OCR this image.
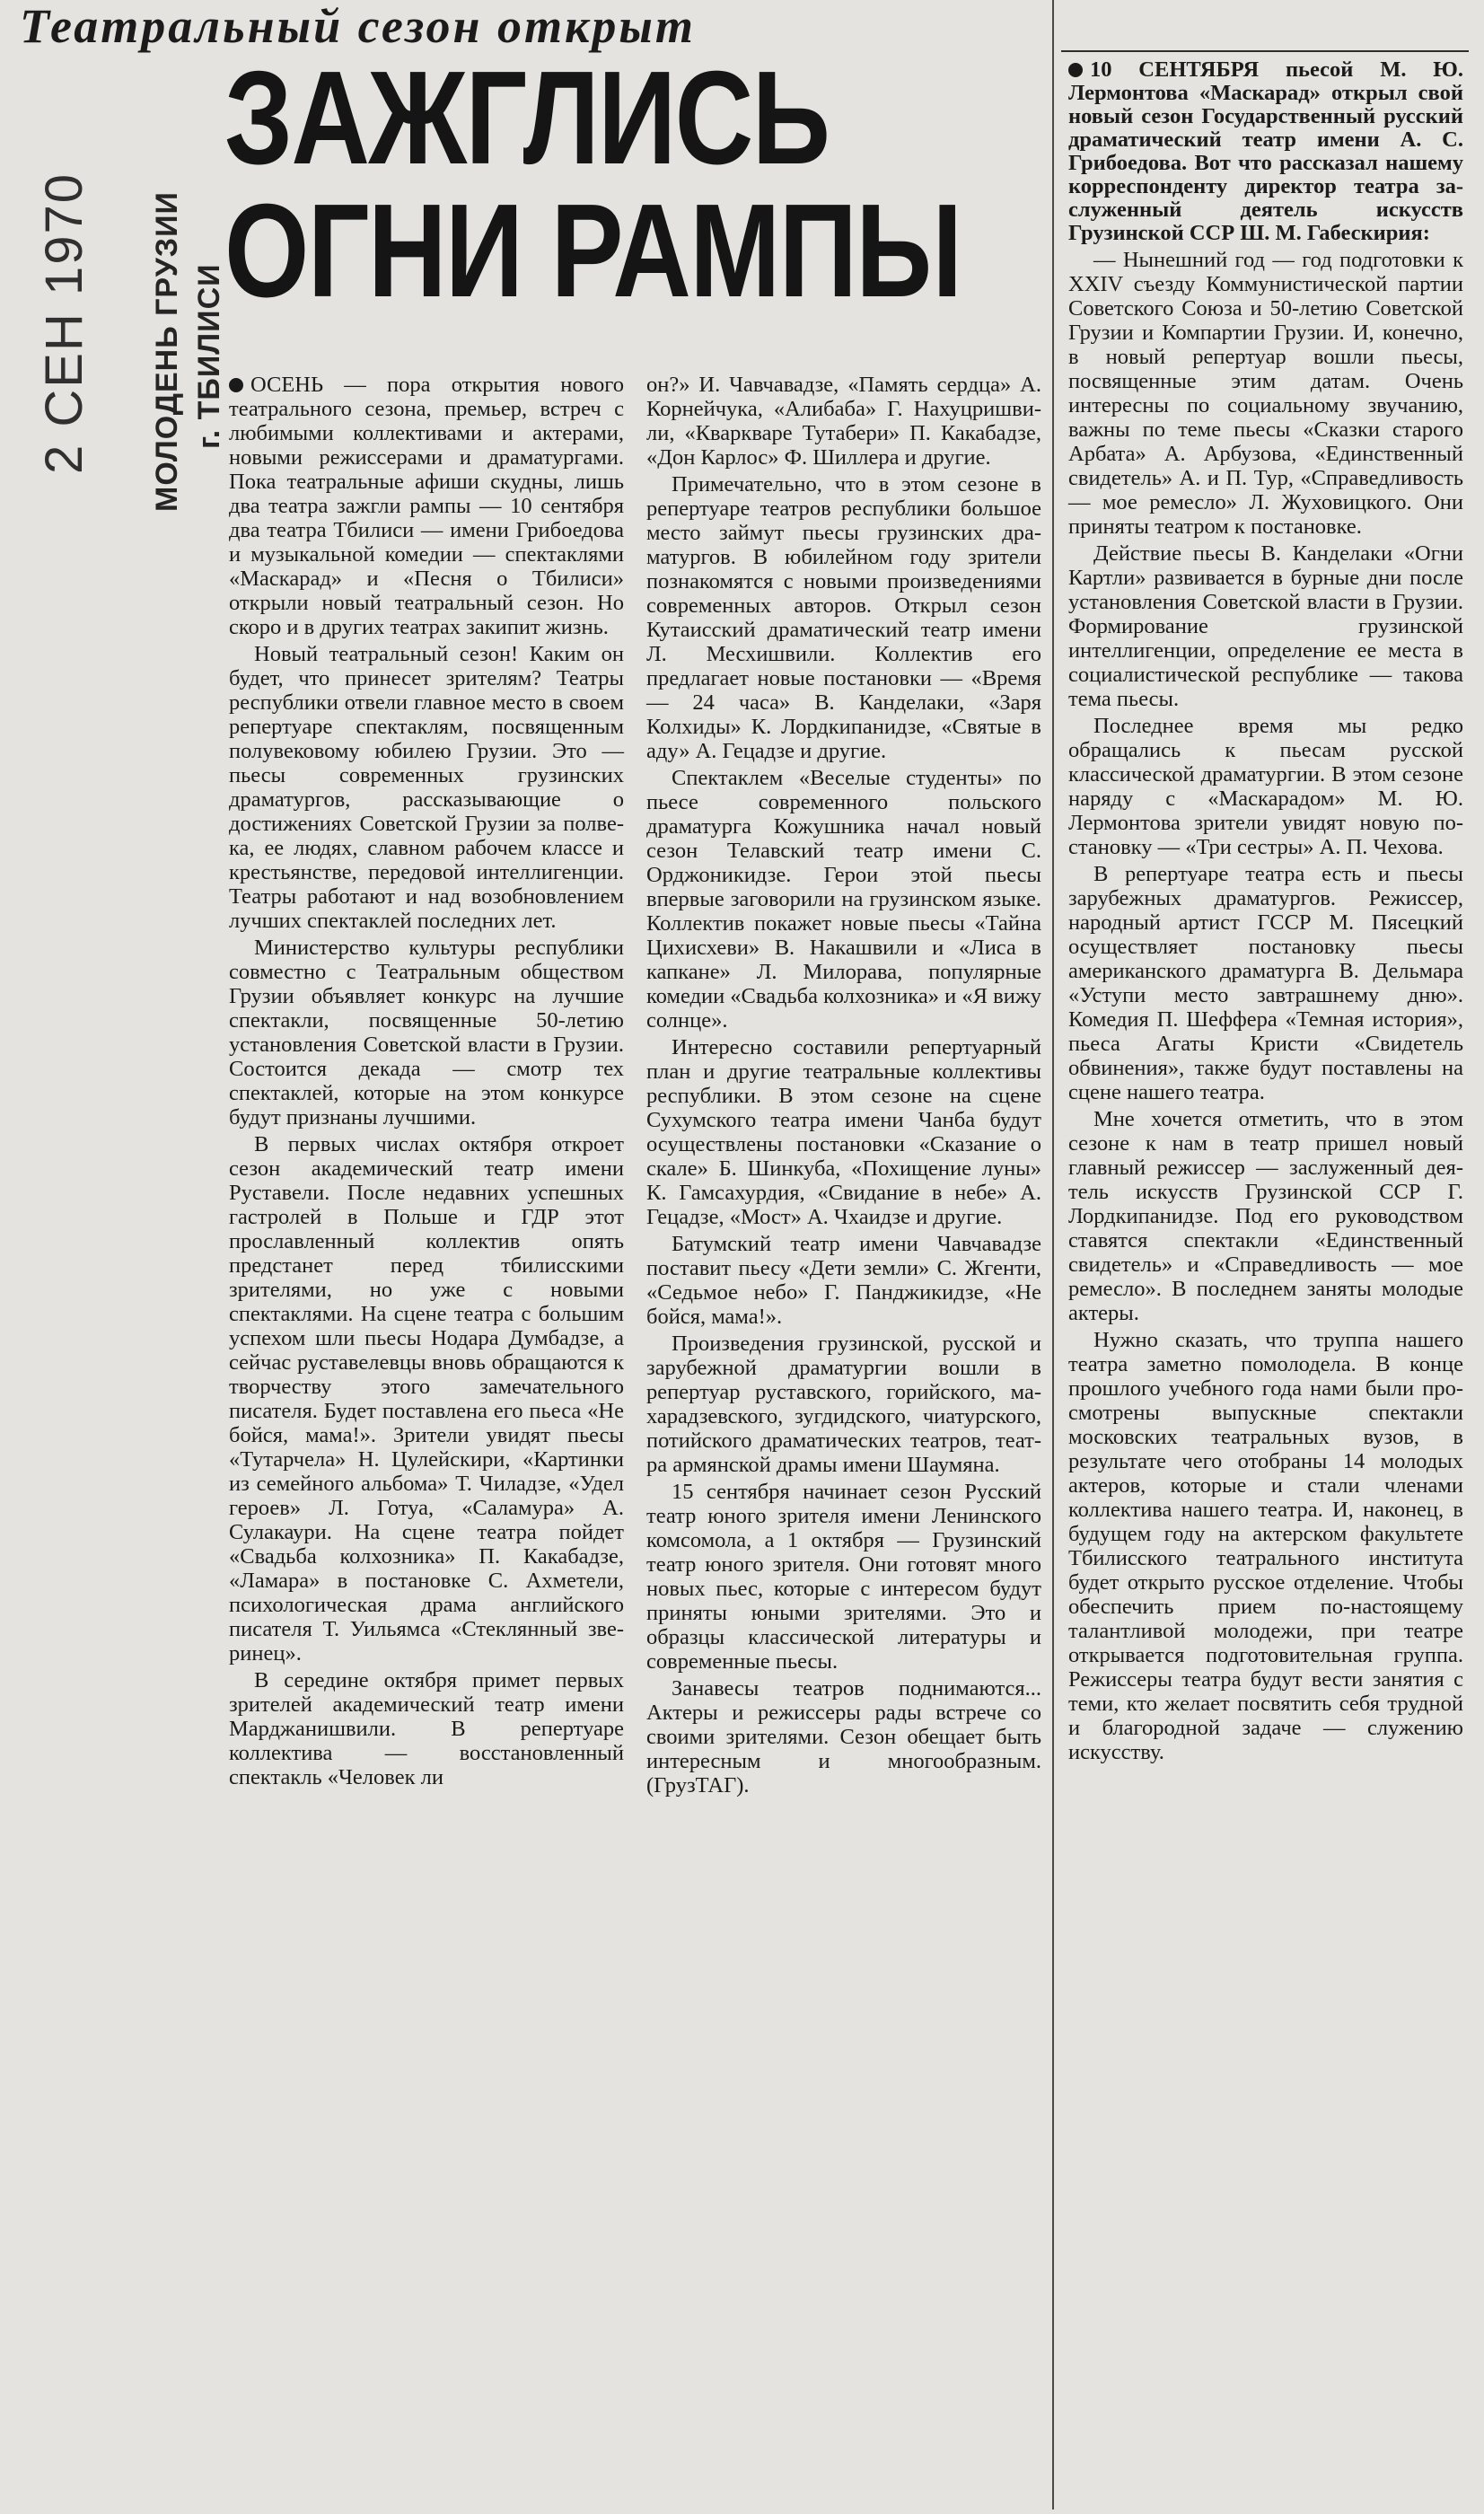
Театральный сезон открыт
ЗАЖГЛИСЬ
ОГНИ РАМПЫ
2 СЕН 1970 МОЛОДЕНЬ ГРУЗИИ г. ТБИЛИСИ	ОСЕНЬ — пора открытия нового театрального сезона, премьер, встреч с любимыми коллективами и актерами, новыми режиссерами и драматургами. Пока театральные афиши скудны, лишь два театра зажгли рампы — 10 сентября два театра Тбилиси — имени Грибоедова и музыкальной комедии — спектаклями «Маскарад» и «Песня о Тбилиси» открыли новый театральный сезон. Но скоро и в других театрах закипит жизнь.

Новый театральный сезон! Каким он будет, что принесет зрителям? Театры республики отвели главное место в своем репертуаре спектаклям, посвященным полувековому юбилею Грузии. Это — пьесы современных грузинских драматургов, рассказывающие о достижениях Советской Грузии за полвека, ее людях, славном рабочем классе и крестьянстве, передовой интеллигенции. Театры работают и над возобновлением лучших спектаклей последних лет.

Министерство культуры республики совместно с Театральным обществом Грузии объявляет конкурс на лучшие спектакли, посвященные 50-летию установления Советской власти в Грузии. Состоится декада — смотр тех спектаклей, которые на этом конкурсе будут признаны лучшими.

В первых числах октября откроет сезон академический театр имени Руставели. После недавних успешных гастролей в Польше и ГДР этот прославленный коллектив опять предстанет перед тбилисскими зрителями, но уже с новыми спектаклями. На сцене театра с большим успехом шли пьесы Нодара Думбадзе, а сейчас руставелевцы вновь обращаются к творчеству этого замечательного писателя. Будет поставлена его пьеса «Не бойся, мама!». Зрители увидят пьесы «Тутарчела» Н. Цулейскири, «Картинки из семейного альбома» Т. Чиладзе, «Удел героев» Л. Готуа, «Саламура» А. Сулакаури. На сцене театра пойдет «Свадьба колхозника» П. Какабадзе, «Ламара» в постановке С. Ахметели, психологическая драма английского писателя Т. Уильямса «Стеклянный зверинец».

В середине октября примет первых зрителей академический театр имени Марджанишвили. В репертуаре коллектива — восстановленный спектакль «Человек ли

он?» И. Чавчавадзе, «Память сердца» А. Корнейчука, «Алибаба» Г. Нахуцришвили, «Кваркваре Тутабери» П. Какабадзе, «Дон Карлос» Ф. Шиллера и другие.

Примечательно, что в этом сезоне в репертуаре театров республики большое место займут пьесы грузинских драматургов. В юбилейном году зрители познакомятся с новыми произведениями современных авторов. Открыл сезон Кутаисский драматический театр имени Л. Месхишвили. Коллектив его предлагает новые постановки — «Время — 24 часа» В. Канделаки, «Заря Колхиды» К. Лордкипанидзе, «Святые в аду» А. Гецадзе и другие.

Спектаклем «Веселые студенты» по пьесе современного польского драматурга Кожушника начал новый сезон Телавский театр имени С. Орджоникидзе. Герои этой пьесы впервые заговорили на грузинском языке. Коллектив покажет новые пьесы «Тайна Цихисхеви» В. Накашвили и «Лиса в капкане» Л. Милорава, популярные комедии «Свадьба колхозника» и «Я вижу солнце».

Интересно составили репертуарный план и другие театральные коллективы республики. В этом сезоне на сцене Сухумского театра имени Чанба будут осуществлены постановки «Сказание о скале» Б. Шинкуба, «Похищение луны» К. Гамсахурдия, «Свидание в небе» А. Гецадзе, «Мост» А. Чхаидзе и другие.

Батумский театр имени Чавчавадзе поставит пьесу «Дети земли» С. Жгенти, «Седьмое небо» Г. Панджикидзе, «Не бойся, мама!».

Произведения грузинской, русской и зарубежной драматургии вошли в репертуар руставского, горийского, махарадзевского, зугдидского, чиатурского, потийского драматических театров, театра армянской драмы имени Шаумяна.

15 сентября начинает сезон Русский театр юного зрителя имени Ленинского комсомола, а 1 октября — Грузинский театр юного зрителя. Они готовят много новых пьес, которые с интересом будут приняты юными зрителями. Это и образцы классической литературы и современные пьесы.

Занавесы театров поднимаются... Актеры и режиссеры рады встрече со своими зрителями. Сезон обещает быть интересным и многообразным. (ГрузТАГ).

10 СЕНТЯБРЯ пьесой М. Ю. Лермонтова «Маскарад» открыл свой новый сезон Государственный русский драматический театр имени А. С. Грибоедова. Вот что рассказал нашему корреспонденту директор театра заслуженный деятель искусств Грузинской ССР Ш. М. Габескирия:

— Нынешний год — год подготовки к XXIV съезду Коммунистической партии Советского Союза и 50-летию Советской Грузии и Компартии Грузии. И, конечно, в новый репертуар вошли пьесы, посвященные этим датам. Очень интересны по социальному звучанию, важны по теме пьесы «Сказки старого Арбата» А. Арбузова, «Единственный свидетель» А. и П. Тур, «Справедливость — мое ремесло» Л. Жуховицкого. Они приняты театром к постановке.

Действие пьесы В. Канделаки «Огни Картли» развивается в бурные дни после установления Советской власти в Грузии. Формирование грузинской интеллигенции, определение ее места в социалистической республике — такова тема пьесы.

Последнее время мы редко обращались к пьесам русской классической драматургии. В этом сезоне наряду с «Маскарадом» М. Ю. Лермонтова зрители увидят новую постановку — «Три сестры» А. П. Чехова.

В репертуаре театра есть и пьесы зарубежных драматургов. Режиссер, народный артист ГССР М. Пясецкий осуществляет постановку пьесы американского драматурга В. Дельмара «Уступи место завтрашнему дню». Комедия П. Шеффера «Темная история», пьеса Агаты Кристи «Свидетель обвинения», также будут поставлены на сцене нашего театра.

Мне хочется отметить, что в этом сезоне к нам в театр пришел новый главный режиссер — заслуженный деятель искусств Грузинской ССР Г. Лордкипанидзе. Под его руководством ставятся спектакли «Единственный свидетель» и «Справедливость — мое ремесло». В последнем заняты молодые актеры.

Нужно сказать, что труппа нашего театра заметно помолодела. В конце прошлого учебного года нами были просмотрены выпускные спектакли московских театральных вузов, в результате чего отобраны 14 молодых актеров, которые и стали членами коллектива нашего театра. И, наконец, в будущем году на актерском факультете Тбилисского театрального института будет открыто русское отделение. Чтобы обеспечить прием по-настоящему талантливой молодежи, при театре открывается подготовительная группа. Режиссеры театра будут вести занятия с теми, кто желает посвятить себя трудной и благородной задаче — служению искусству.
